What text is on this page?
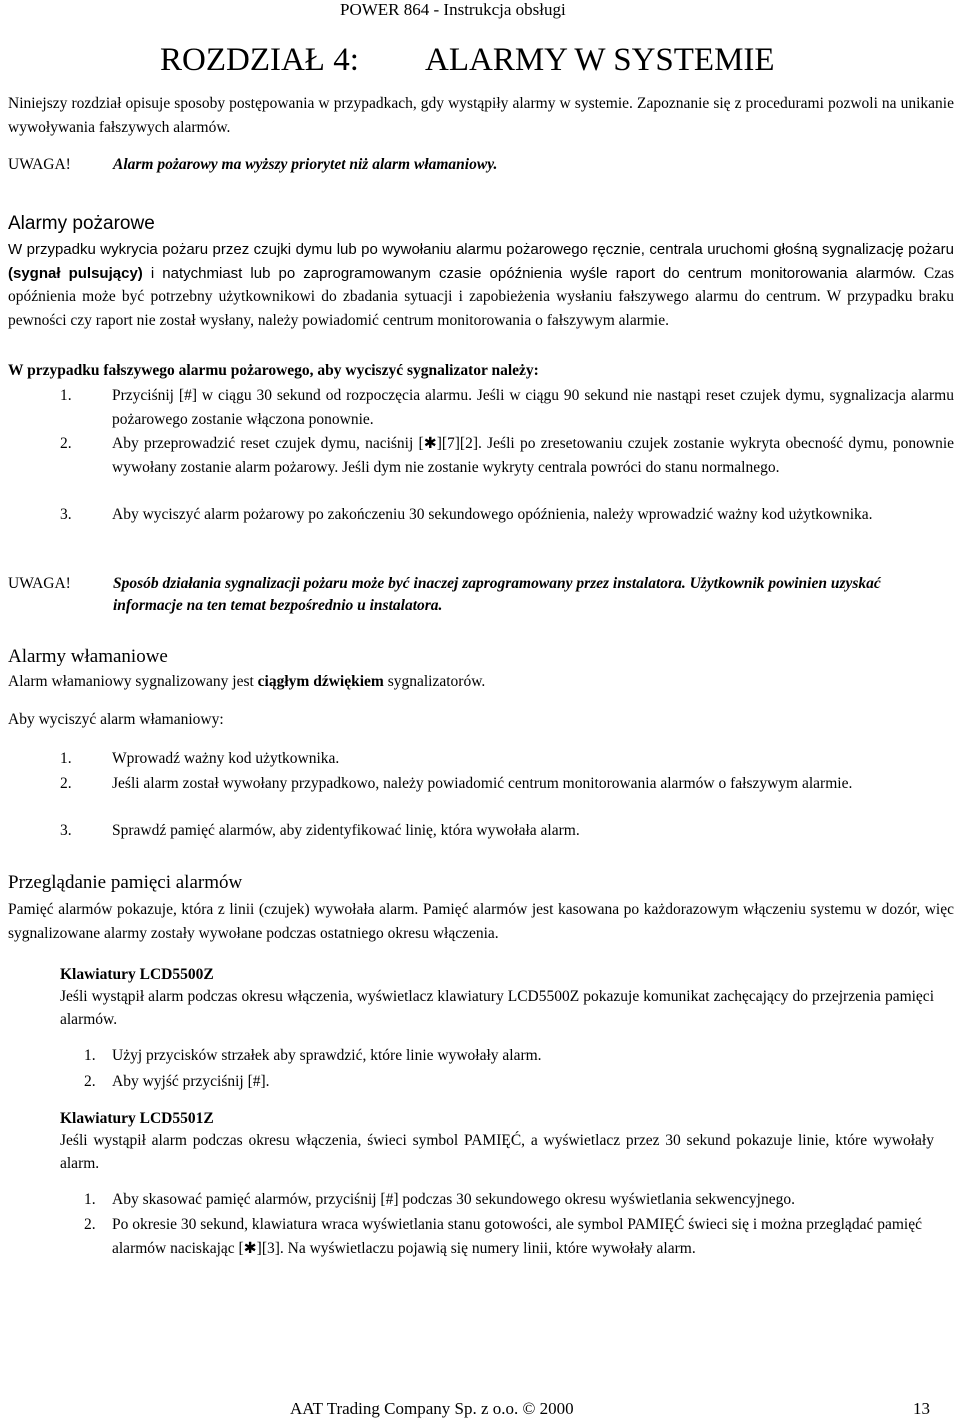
POWER 864 - Instrukcja obsługi
ROZDZIAŁ 4: ALARMY W SYSTEMIE
Niniejszy rozdział opisuje sposoby postępowania w przypadkach, gdy wystąpiły alarmy w systemie. Zapoznanie się z procedurami pozwoli na unikanie wywoływania fałszywych alarmów.
UWAGA!	Alarm pożarowy ma wyższy priorytet niż alarm włamaniowy.
Alarmy pożarowe
W przypadku wykrycia pożaru przez czujki dymu lub po wywołaniu alarmu pożarowego ręcznie, centrala uruchomi głośną sygnalizację pożaru (sygnał pulsujący) i natychmiast lub po zaprogramowanym czasie opóźnienia wyśle raport do centrum monitorowania alarmów. Czas opóźnienia może być potrzebny użytkownikowi do zbadania sytuacji i zapobieżenia wysłaniu fałszywego alarmu do centrum. W przypadku braku pewności czy raport nie został wysłany, należy powiadomić centrum monitorowania o fałszywym alarmie.
W przypadku fałszywego alarmu pożarowego, aby wyciszyć sygnalizator należy:
1.	Przyciśnij [#] w ciągu 30 sekund od rozpoczęcia alarmu. Jeśli w ciągu 90 sekund nie nastąpi reset czujek dymu, sygnalizacja alarmu pożarowego zostanie włączona ponownie.
2.	Aby przeprowadzić reset czujek dymu, naciśnij [✱][7][2]. Jeśli po zresetowaniu czujek zostanie wykryta obecność dymu, ponownie wywołany zostanie alarm pożarowy. Jeśli dym nie zostanie wykryty centrala powróci do stanu normalnego.
3.	Aby wyciszyć alarm pożarowy po zakończeniu 30 sekundowego opóźnienia, należy wprowadzić ważny kod użytkownika.
UWAGA!	Sposób działania sygnalizacji pożaru może być inaczej zaprogramowany przez instalatora. Użytkownik powinien uzyskać informacje na ten temat bezpośrednio u instalatora.
Alarmy włamaniowe
Alarm włamaniowy sygnalizowany jest ciągłym dźwiękiem sygnalizatorów.
Aby wyciszyć alarm włamaniowy:
1.	Wprowadź ważny kod użytkownika.
2.	Jeśli alarm został wywołany przypadkowo, należy powiadomić centrum monitorowania alarmów o fałszywym alarmie.
3.	Sprawdź pamięć alarmów, aby zidentyfikować linię, która wywołała alarm.
Przeglądanie pamięci alarmów
Pamięć alarmów pokazuje, która z linii (czujek) wywołała alarm. Pamięć alarmów jest kasowana po każdorazowym włączeniu systemu w dozór, więc sygnalizowane alarmy zostały wywołane podczas ostatniego okresu włączenia.
Klawiatury LCD5500Z
Jeśli wystąpił alarm podczas okresu włączenia, wyświetlacz klawiatury LCD5500Z pokazuje komunikat zachęcający do przejrzenia pamięci alarmów.
1. Użyj przycisków strzałek aby sprawdzić, które linie wywołały alarm.
2. Aby wyjść przyciśnij [#].
Klawiatury LCD5501Z
Jeśli wystąpił alarm podczas okresu włączenia, świeci symbol PAMIĘĆ, a wyświetlacz przez 30 sekund pokazuje linie, które wywołały alarm.
1. Aby skasować pamięć alarmów, przyciśnij [#] podczas 30 sekundowego okresu wyświetlania sekwencyjnego.
2. Po okresie 30 sekund, klawiatura wraca wyświetlania stanu gotowości, ale symbol PAMIĘĆ świeci się i można przeglądać pamięć alarmów naciskając [✱][3]. Na wyświetlaczu pojawią się numery linii, które wywołały alarm.
AAT Trading Company Sp. z o.o. © 2000	13
